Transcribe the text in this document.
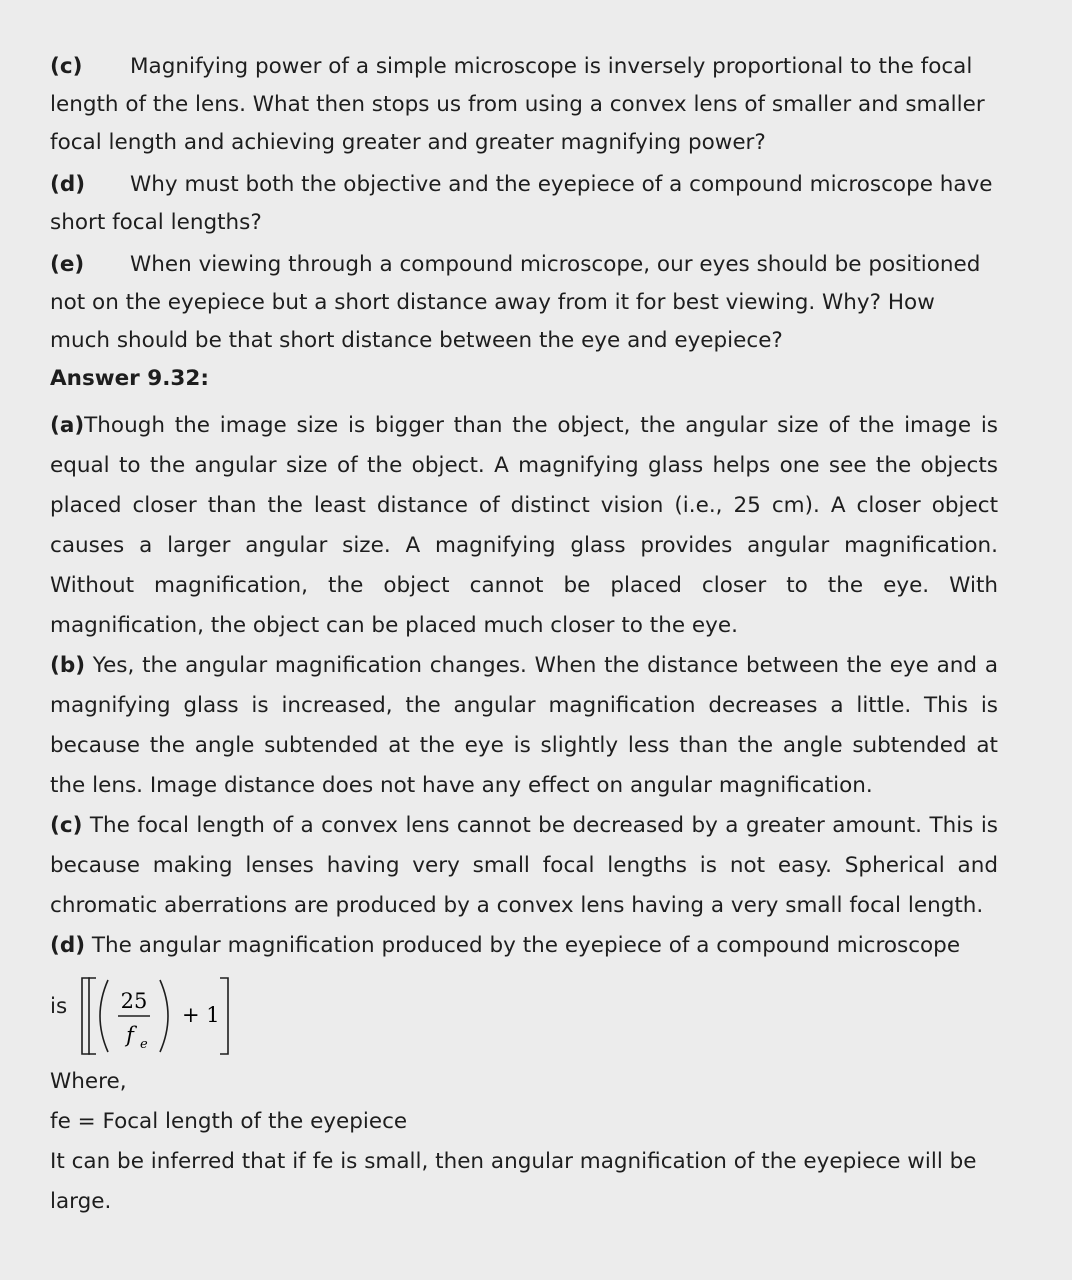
(c) Magnifying power of a simple microscope is inversely proportional to the focal length of the lens. What then stops us from using a convex lens of smaller and smaller focal length and achieving greater and greater magnifying power?

(d) Why must both the objective and the eyepiece of a compound microscope have short focal lengths?

(e) When viewing through a compound microscope, our eyes should be positioned not on the eyepiece but a short distance away from it for best viewing. Why? How much should be that short distance between the eye and eyepiece?

Answer 9.32:

(a)Though the image size is bigger than the object, the angular size of the image is equal to the angular size of the object. A magnifying glass helps one see the objects placed closer than the least distance of distinct vision (i.e., 25 cm). A closer object causes a larger angular size. A magnifying glass provides angular magnification. Without magnification, the object cannot be placed closer to the eye. With magnification, the object can be placed much closer to the eye.

(b) Yes, the angular magnification changes. When the distance between the eye and a magnifying glass is increased, the angular magnification decreases a little. This is because the angle subtended at the eye is slightly less than the angle subtended at the lens. Image distance does not have any effect on angular magnification.

(c) The focal length of a convex lens cannot be decreased by a greater amount. This is because making lenses having very small focal lengths is not easy. Spherical and chromatic aberrations are produced by a convex lens having a very small focal length.

(d) The angular magnification produced by the eyepiece of a compound microscope

is	25
f e
+ 1

Where,

fe = Focal length of the eyepiece

It can be inferred that if fe is small, then angular magnification of the eyepiece will be large.
